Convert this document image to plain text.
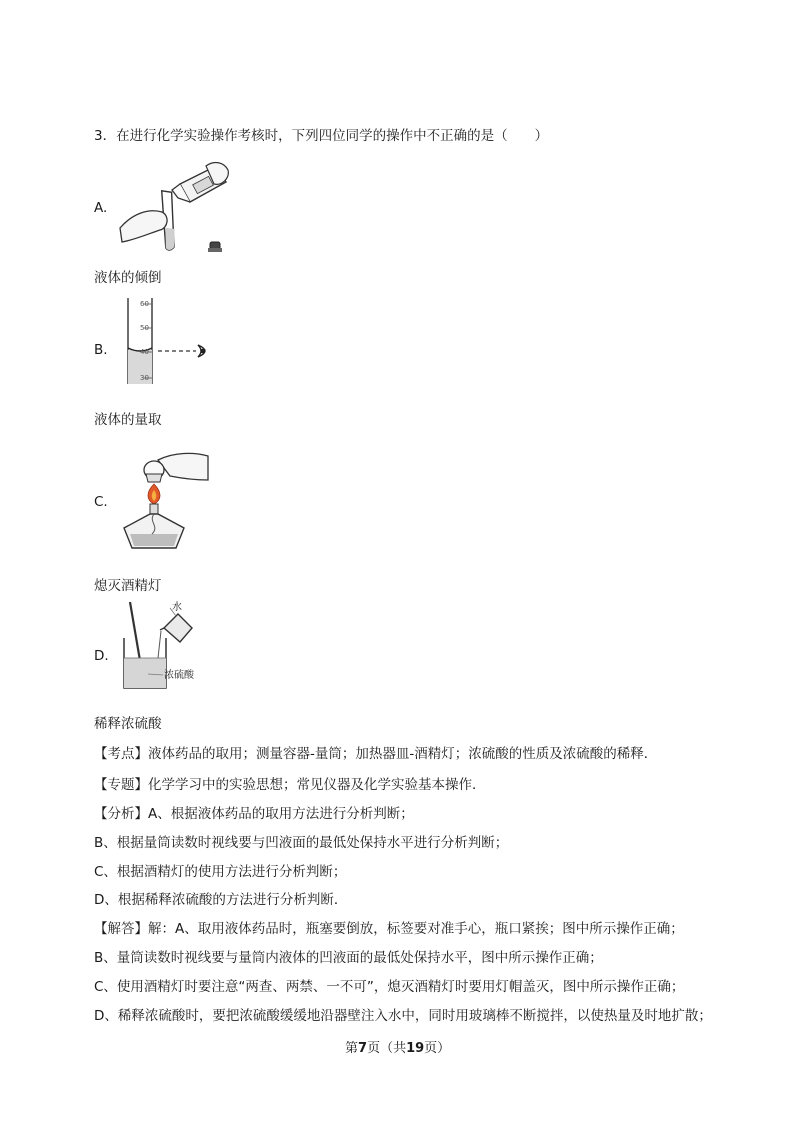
3．在进行化学实验操作考核时，下列四位同学的操作中不正确的是（　　）
A.
液体的倾倒
B.
60
50
40
30
液体的量取
C.
熄灭酒精灯
D.
水
浓硫酸
稀释浓硫酸
【考点】液体药品的取用；测量容器-量筒；加热器皿-酒精灯；浓硫酸的性质及浓硫酸的稀释．
【专题】化学学习中的实验思想；常见仪器及化学实验基本操作．
【分析】A、根据液体药品的取用方法进行分析判断；
B、根据量筒读数时视线要与凹液面的最低处保持水平进行分析判断；
C、根据酒精灯的使用方法进行分析判断；
D、根据稀释浓硫酸的方法进行分析判断．
【解答】解：A、取用液体药品时，瓶塞要倒放，标签要对准手心，瓶口紧挨；图中所示操作正确；
B、量筒读数时视线要与量筒内液体的凹液面的最低处保持水平，图中所示操作正确；
C、使用酒精灯时要注意“两查、两禁、一不可”，熄灭酒精灯时要用灯帽盖灭，图中所示操作正确；
D、稀释浓硫酸时，要把浓硫酸缓缓地沿器壁注入水中，同时用玻璃棒不断搅拌，以使热量及时地扩散；
第7页（共19页）
